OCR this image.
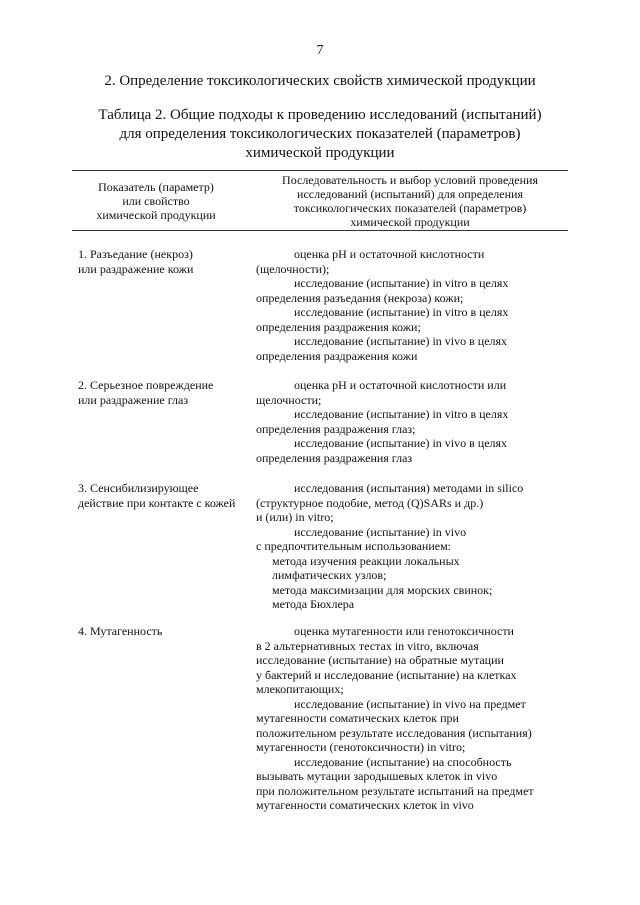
7
2. Определение токсикологических свойств химической продукции
Таблица 2. Общие подходы к проведению исследований (испытаний)
для определения токсикологических показателей (параметров)
химической продукции
Показатель (параметр)
или свойство
химической продукции
Последовательность и выбор условий проведения
исследований (испытаний) для определения
токсикологических показателей (параметров)
химической продукции
1. Разъедание (некроз)
или раздражение кожи
оценка pH и остаточной кислотности
(щелочности);
исследование (испытание) in vitro в целях
определения разъедания (некроза) кожи;
исследование (испытание) in vitro в целях
определения раздражения кожи;
исследование (испытание) in vivo в целях
определения раздражения кожи
2. Серьезное повреждение
или раздражение глаз
оценка pH и остаточной кислотности или
щелочности;
исследование (испытание) in vitro в целях
определения раздражения глаз;
исследование (испытание) in vivo в целях
определения раздражения глаз
3. Сенсибилизирующее
действие при контакте с кожей
исследования (испытания) методами in silico
(структурное подобие, метод (Q)SARs и др.)
и (или) in vitro;
исследование (испытание) in vivo
с предпочтительным использованием:
метода изучения реакции локальных
лимфатических узлов;
метода максимизации для морских свинок;
метода Бюхлера
4. Мутагенность	оценка мутагенности или генотоксичности
в 2 альтернативных тестах in vitro, включая
исследование (испытание) на обратные мутации
у бактерий и исследование (испытание) на клетках
млекопитающих;
исследование (испытание) in vivo на предмет
мутагенности соматических клеток при
положительном результате исследования (испытания)
мутагенности (генотоксичности) in vitro;
исследование (испытание) на способность
вызывать мутации зародышевых клеток in vivo
при положительном результате испытаний на предмет
мутагенности соматических клеток in vivo
